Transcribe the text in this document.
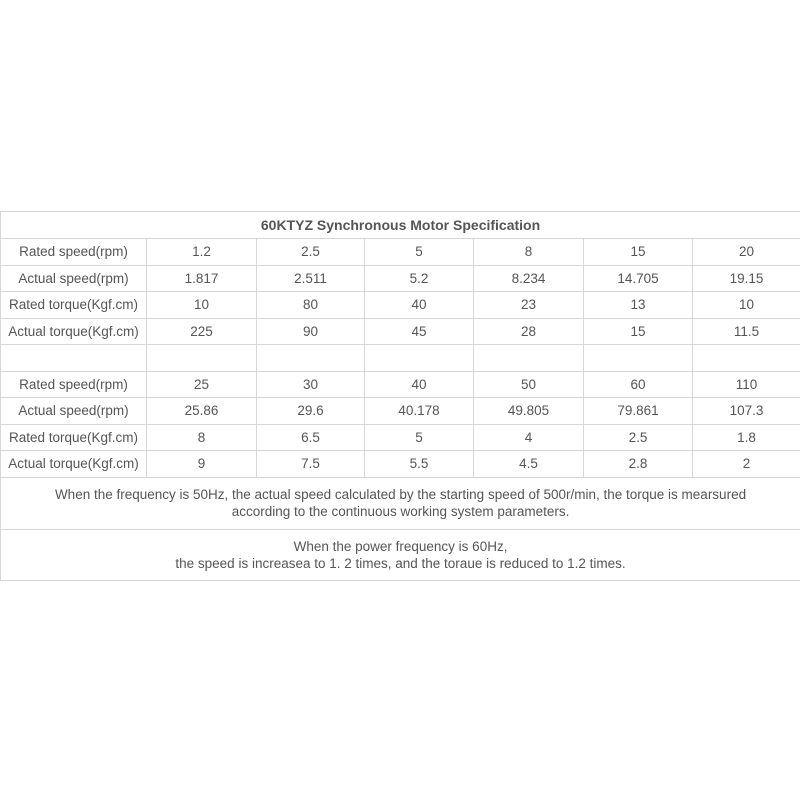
60KTYZ Synchronous Motor Specification						
Rated speed(rpm)	1.2	2.5	5	8	15	20
Actual speed(rpm)	1.817	2.511	5.2	8.234	14.705	19.15
Rated torque(Kgf.cm)	10	80	40	23	13	10
Actual torque(Kgf.cm)	225	90	45	28	15	11.5

Rated speed(rpm)	25	30	40	50	60	110
Actual speed(rpm)	25.86	29.6	40.178	49.805	79.861	107.3
Rated torque(Kgf.cm)	8	6.5	5	4	2.5	1.8
Actual torque(Kgf.cm)	9	7.5	5.5	4.5	2.8	2

When the frequency is 50Hz, the actual speed calculated by the starting speed of 500r/min, the torque is mearsured
according to the continuous working system parameters.						

When the power frequency is 60Hz,
the speed is increasea to 1. 2 times, and the toraue is reduced to 1.2 times.						
